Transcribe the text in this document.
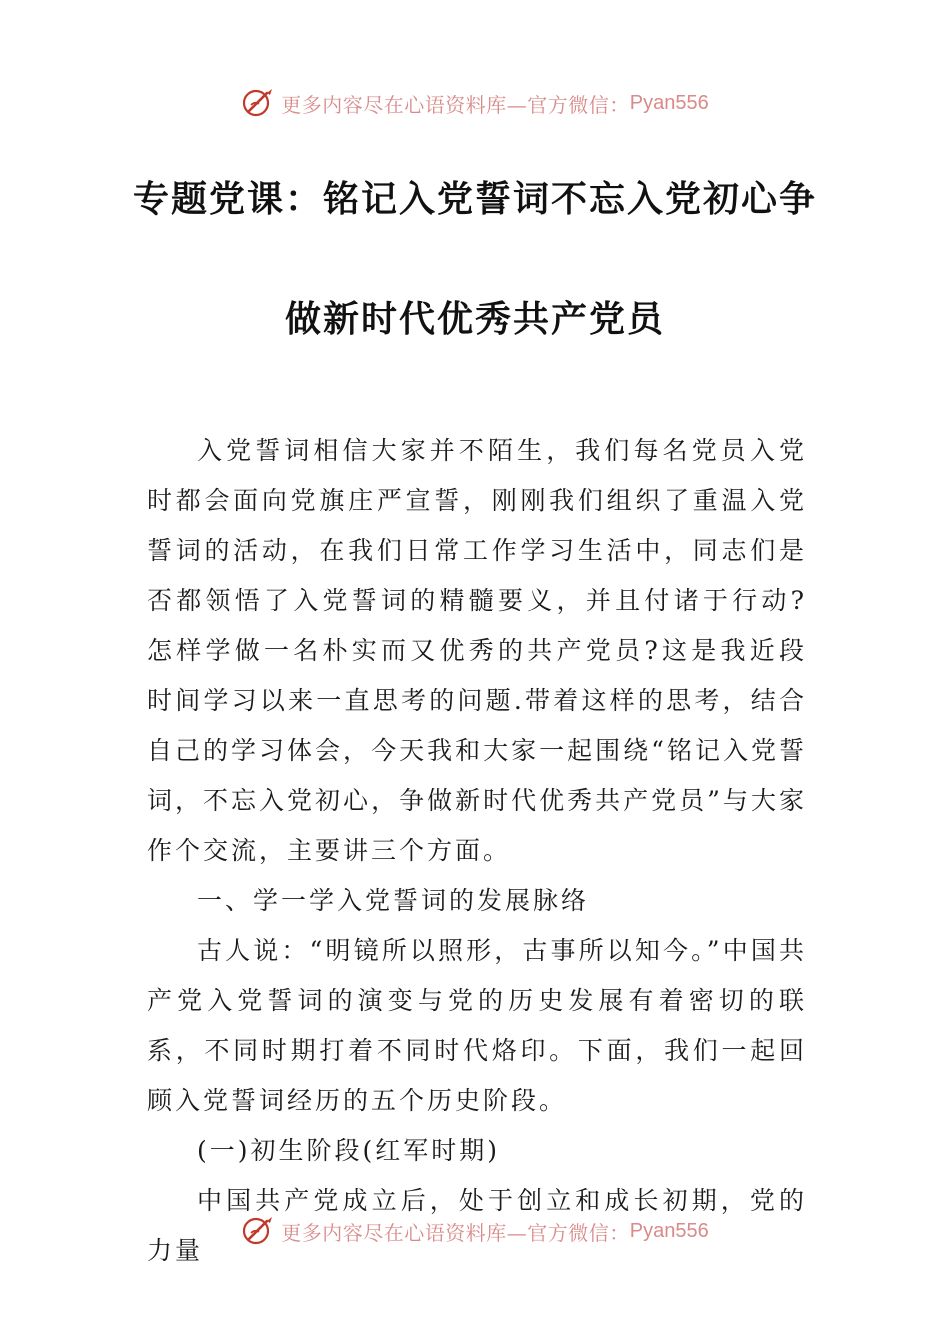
更多内容尽在心语资料库—官方微信： Pyan556
专题党课：铭记入党誓词不忘入党初心争
做新时代优秀共产党员

入党誓词相信大家并不陌生，我们每名党员入党时都会面向党旗庄严宣誓，刚刚我们组织了重温入党誓词的活动，在我们日常工作学习生活中，同志们是否都领悟了入党誓词的精髓要义，并且付诸于行动?怎样学做一名朴实而又优秀的共产党员?这是我近段时间学习以来一直思考的问题.带着这样的思考，结合自己的学习体会，今天我和大家一起围绕“铭记入党誓词，不忘入党初心，争做新时代优秀共产党员”与大家作个交流，主要讲三个方面。

一、学一学入党誓词的发展脉络

古人说：“明镜所以照形，古事所以知今。”中国共产党入党誓词的演变与党的历史发展有着密切的联系，不同时期打着不同时代烙印。下面，我们一起回顾入党誓词经历的五个历史阶段。

(一)初生阶段(红军时期)

中国共产党成立后，处于创立和成长初期，党的力量

更多内容尽在心语资料库—官方微信： Pyan556
